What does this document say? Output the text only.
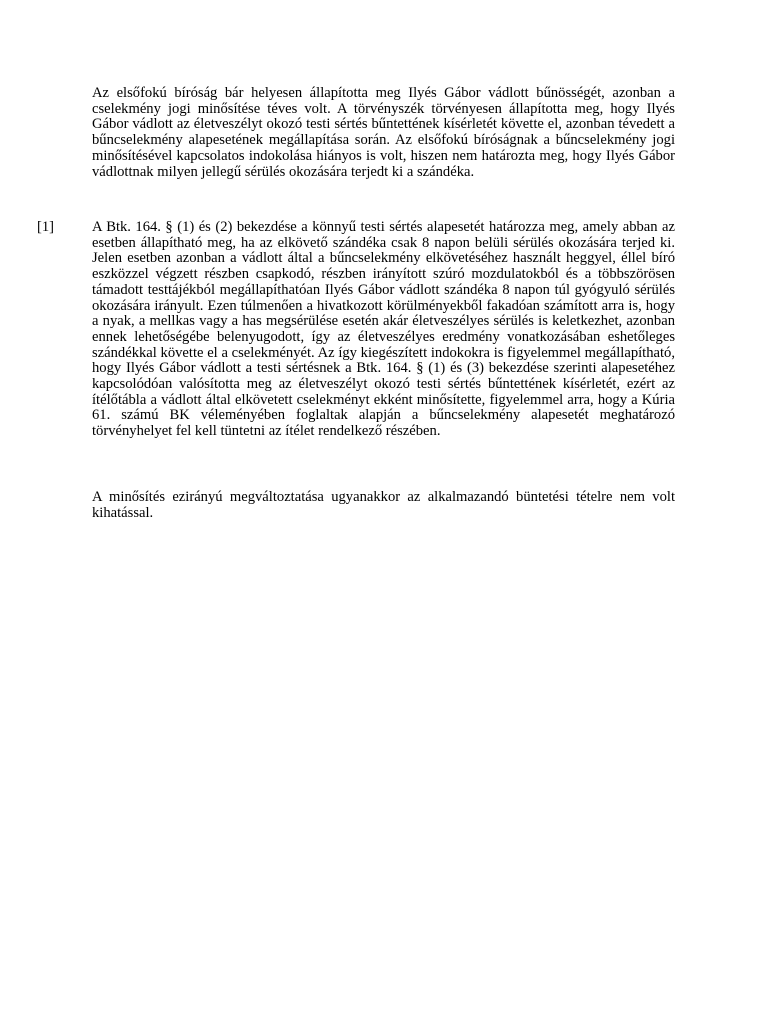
Az elsőfokú bíróság bár helyesen állapította meg Ilyés Gábor vádlott bűnösségét, azonban a cselekmény jogi minősítése téves volt. A törvényszék törvényesen állapította meg, hogy Ilyés Gábor vádlott az életveszélyt okozó testi sértés bűntettének kísérletét követte el, azonban tévedett a bűncselekmény alapesetének megállapítása során. Az elsőfokú bíróságnak a bűncselekmény jogi minősítésével kapcsolatos indokolása hiányos is volt, hiszen nem határozta meg, hogy Ilyés Gábor vádlottnak milyen jellegű sérülés okozására terjedt ki a szándéka.

[1]	A Btk. 164. § (1) és (2) bekezdése a könnyű testi sértés alapesetét határozza meg, amely abban az esetben állapítható meg, ha az elkövető szándéka csak 8 napon belüli sérülés okozására terjed ki. Jelen esetben azonban a vádlott által a bűncselekmény elkövetéséhez használt heggyel, éllel bíró eszközzel végzett részben csapkodó, részben irányított szúró mozdulatokból és a többszörösen támadott testtájékból megállapíthatóan Ilyés Gábor vádlott szándéka 8 napon túl gyógyuló sérülés okozására irányult. Ezen túlmenően a hivatkozott körülményekből fakadóan számított arra is, hogy a nyak, a mellkas vagy a has megsérülése esetén akár életveszélyes sérülés is keletkezhet, azonban ennek lehetőségébe belenyugodott, így az életveszélyes eredmény vonatkozásában eshetőleges szándékkal követte el a cselekményét. Az így kiegészített indokokra is figyelemmel megállapítható, hogy Ilyés Gábor vádlott a testi sértésnek a Btk. 164. § (1) és (3) bekezdése szerinti alapesetéhez kapcsolódóan valósította meg az életveszélyt okozó testi sértés bűntettének kísérletét, ezért az ítélőtábla a vádlott által elkövetett cselekményt ekként minősítette, figyelemmel arra, hogy a Kúria 61. számú BK véleményében foglaltak alapján a bűncselekmény alapesetét meghatározó törvényhelyet fel kell tüntetni az ítélet rendelkező részében.

A minősítés ezirányú megváltoztatása ugyanakkor az alkalmazandó büntetési tételre nem volt kihatással.
